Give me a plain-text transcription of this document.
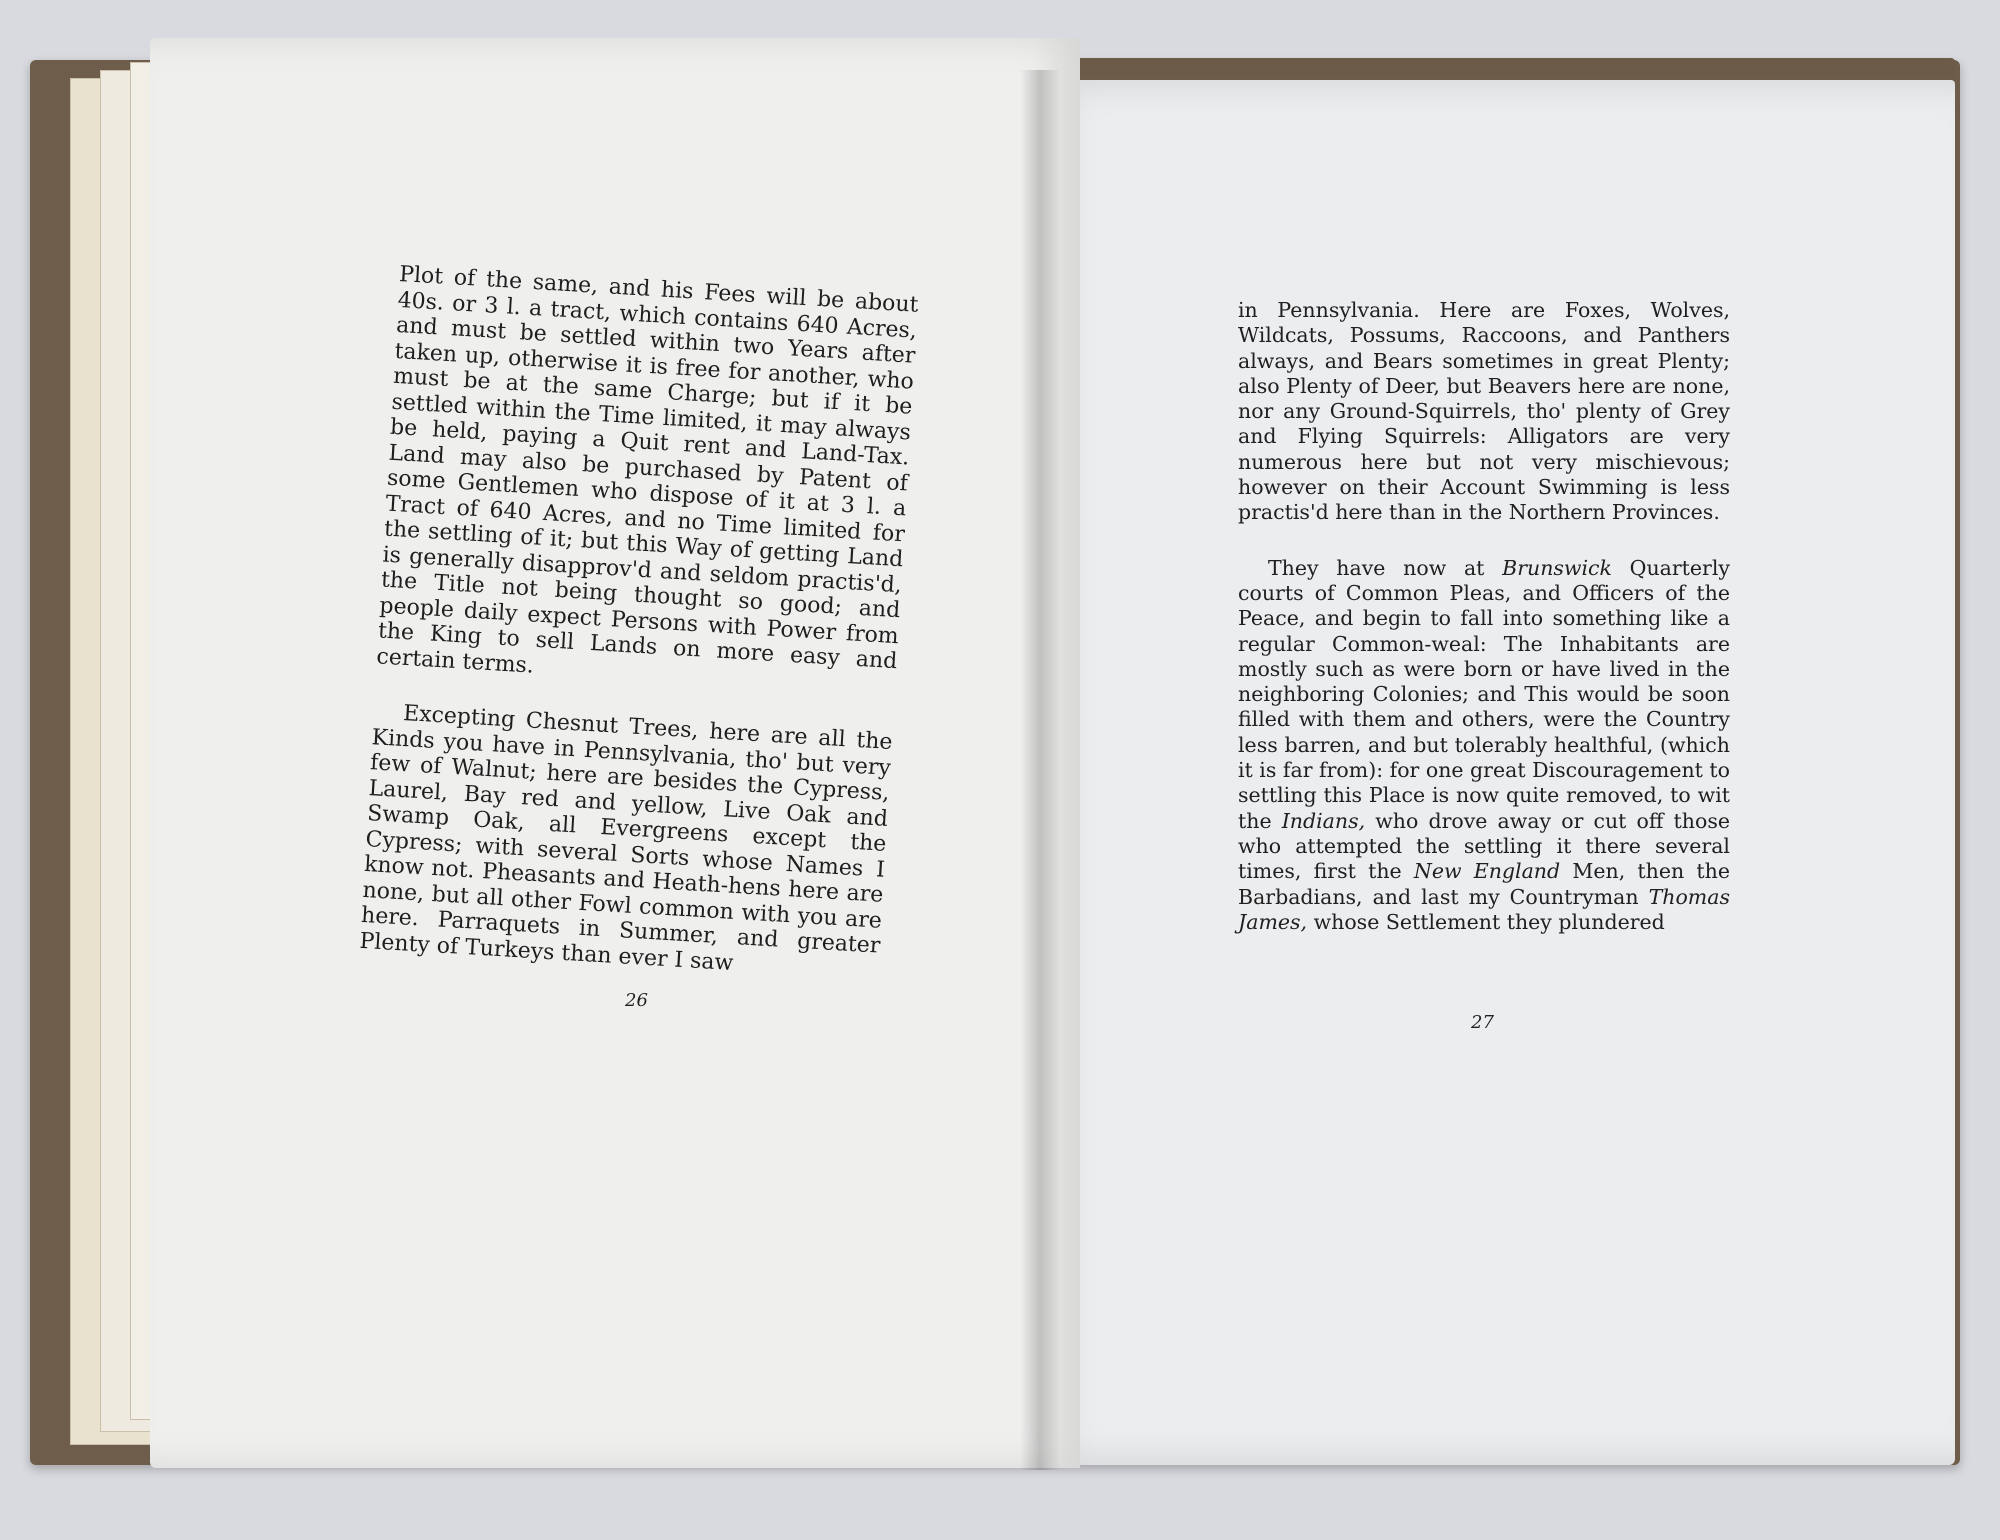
Plot of the same, and his Fees will be about 40s. or 3 l. a tract, which contains 640 Acres, and must be settled within two Years after taken up, otherwise it is free for another, who must be at the same Charge; but if it be settled within the Time limited, it may always be held, paying a Quit rent and Land-Tax. Land may also be purchased by Patent of some Gentlemen who dispose of it at 3 l. a Tract of 640 Acres, and no Time limited for the settling of it; but this Way of getting Land is generally disapprov'd and seldom practis'd, the Title not being thought so good; and people daily expect Persons with Power from the King to sell Lands on more easy and certain terms.

Excepting Chesnut Trees, here are all the Kinds you have in Pennsylvania, tho' but very few of Walnut; here are besides the Cypress, Laurel, Bay red and yellow, Live Oak and Swamp Oak, all Evergreens except the Cypress; with several Sorts whose Names I know not. Pheasants and Heath-hens here are none, but all other Fowl common with you are here. Parraquets in Summer, and greater Plenty of Turkeys than ever I saw

26

in Pennsylvania. Here are Foxes, Wolves, Wildcats, Possums, Raccoons, and Panthers always, and Bears sometimes in great Plenty; also Plenty of Deer, but Beavers here are none, nor any Ground-Squirrels, tho' plenty of Grey and Flying Squirrels: Alligators are very numerous here but not very mischievous; however on their Account Swimming is less practis'd here than in the Northern Provinces.

They have now at Brunswick Quarterly courts of Common Pleas, and Officers of the Peace, and begin to fall into something like a regular Common-weal: The Inhabitants are mostly such as were born or have lived in the neighboring Colonies; and This would be soon filled with them and others, were the Country less barren, and but tolerably healthful, (which it is far from): for one great Discouragement to settling this Place is now quite removed, to wit the Indians, who drove away or cut off those who attempted the settling it there several times, first the New England Men, then the Barbadians, and last my Countryman Thomas James, whose Settlement they plundered

27
